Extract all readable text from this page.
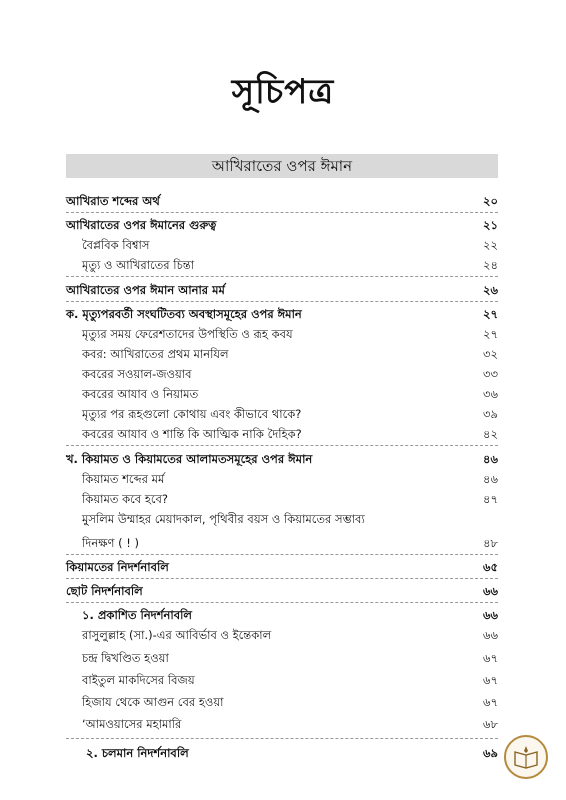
সূচিপত্র
আখিরাতের ওপর ঈমান
আখিরাত শব্দের অর্থ	২০
আখিরাতের ওপর ঈমানের গুরুত্ব	২১
বৈপ্লবিক বিশ্বাস	২২
মৃত্যু ও আখিরাতের চিন্তা	২৪
আখিরাতের ওপর ঈমান আনার মর্ম	২৬
ক. মৃত্যুপরবর্তী সংঘটিতব্য অবস্থাসমূহের ওপর ঈমান	২৭
মৃত্যুর সময় ফেরেশতাদের উপস্থিতি ও রূহ কবয	২৭
কবর: আখিরাতের প্রথম মানযিল	৩২
কবরের সওয়াল-জওয়াব	৩৩
কবরের আযাব ও নিয়ামত	৩৬
মৃত্যুর পর রূহগুলো কোথায় এবং কীভাবে থাকে?	৩৯
কবরের আযাব ও শান্তি কি আত্মিক নাকি দৈহিক?	৪২
খ. কিয়ামত ও কিয়ামতের আলামতসমূহের ওপর ঈমান	৪৬
কিয়ামত শব্দের মর্ম	৪৬
কিয়ামত কবে হবে?	৪৭
মুসলিম উম্মাহর মেয়াদকাল, পৃথিবীর বয়স ও কিয়ামতের সম্ভাব্য
দিনক্ষণ ( ! )	৪৮
কিয়ামতের নিদর্শনাবলি	৬৫
ছোট নিদর্শনাবলি	৬৬
১. প্রকাশিত নিদর্শনাবলি	৬৬
রাসুলুল্লাহ (সা.)-এর আবির্ভাব ও ইন্তেকাল	৬৬
চন্দ্র দ্বিখণ্ডিত হওয়া	৬৭
বাইতুল মাকদিসের বিজয়	৬৭
হিজায থেকে আগুন বের হওয়া	৬৭
‘আমওয়াসের মহামারি	৬৮
২. চলমান নিদর্শনাবলি	৬৯
